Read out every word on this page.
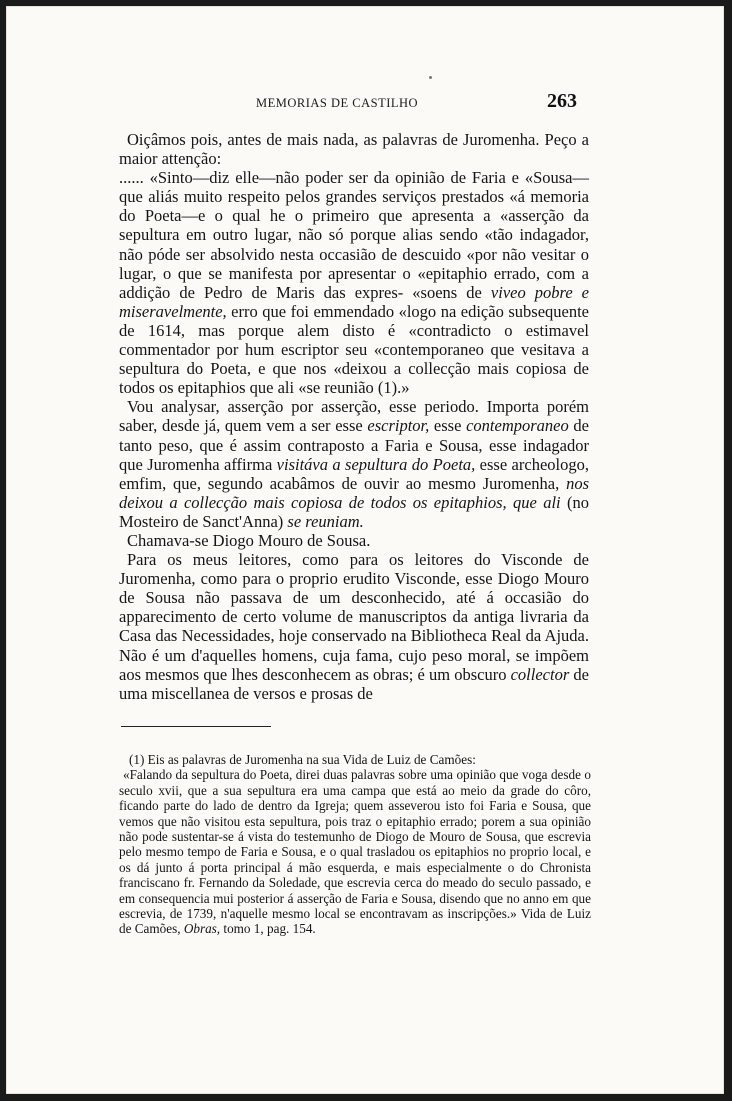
MEMORIAS DE CASTILHO	263

Oiçâmos pois, antes de mais nada, as palavras de Juromenha. Peço a maior attenção:

...... «Sinto—diz elle—não poder ser da opinião de Faria e «Sousa—que aliás muito respeito pelos grandes serviços prestados «á memoria do Poeta—e o qual he o primeiro que apresenta a «asserção da sepultura em outro lugar, não só porque alias sendo «tão indagador, não póde ser absolvido nesta occasião de descuido «por não vesitar o lugar, o que se manifesta por apresentar o «epitaphio errado, com a addição de Pedro de Maris das expres- «soens de viveo pobre e miseravelmente, erro que foi emmendado «logo na edição subsequente de 1614, mas porque alem disto é «contradicto o estimavel commentador por hum escriptor seu «contemporaneo que vesitava a sepultura do Poeta, e que nos «deixou a collecção mais copiosa de todos os epitaphios que ali «se reunião (1).»

Vou analysar, asserção por asserção, esse periodo. Importa porém saber, desde já, quem vem a ser esse escriptor, esse contemporaneo de tanto peso, que é assim contraposto a Faria e Sousa, esse indagador que Juromenha affirma visitáva a sepultura do Poeta, esse archeologo, emfim, que, segundo acabâmos de ouvir ao mesmo Juromenha, nos deixou a collecção mais copiosa de todos os epitaphios, que ali (no Mosteiro de Sanct'Anna) se reuniam.

Chamava-se Diogo Mouro de Sousa.

Para os meus leitores, como para os leitores do Visconde de Juromenha, como para o proprio erudito Visconde, esse Diogo Mouro de Sousa não passava de um desconhecido, até á occasião do apparecimento de certo volume de manuscriptos da antiga livraria da Casa das Necessidades, hoje conservado na Bibliotheca Real da Ajuda. Não é um d'aquelles homens, cuja fama, cujo peso moral, se impõem aos mesmos que lhes desconhecem as obras; é um obscuro collector de uma miscellanea de versos e prosas de

(1) Eis as palavras de Juromenha na sua Vida de Luiz de Camões:

«Falando da sepultura do Poeta, direi duas palavras sobre uma opinião que voga desde o seculo xvii, que a sua sepultura era uma campa que está ao meio da grade do côro, ficando parte do lado de dentro da Igreja; quem asseverou isto foi Faria e Sousa, que vemos que não visitou esta sepultura, pois traz o epitaphio errado; porem a sua opinião não pode sustentar-se á vista do testemunho de Diogo de Mouro de Sousa, que escrevia pelo mesmo tempo de Faria e Sousa, e o qual trasladou os epitaphios no proprio local, e os dá junto á porta principal á mão esquerda, e mais especialmente o do Chronista franciscano fr. Fernando da Soledade, que escrevia cerca do meado do seculo passado, e em consequencia mui posterior á asserção de Faria e Sousa, disendo que no anno em que escrevia, de 1739, n'aquelle mesmo local se encontravam as inscripções.» Vida de Luiz de Camões, Obras, tomo 1, pag. 154.
